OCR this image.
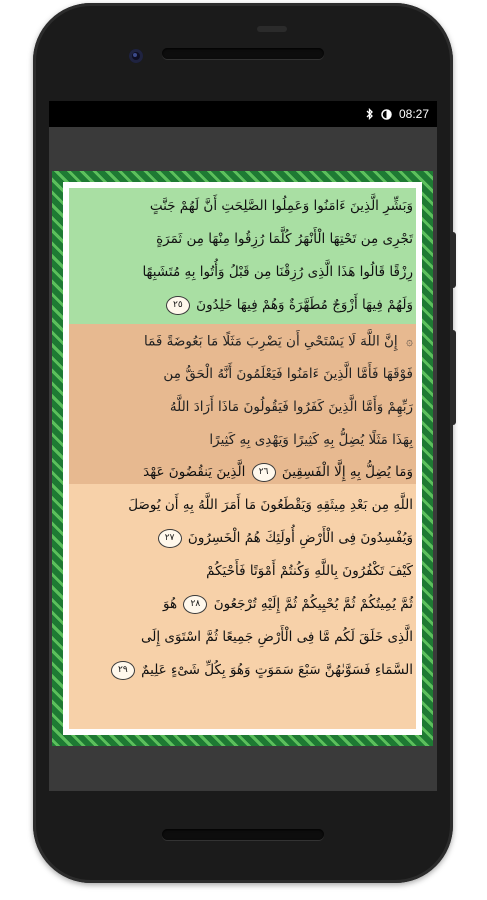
08:27
وَبَشِّرِ الَّذِينَ ءَامَنُوا وَعَمِلُوا الصَّلِحَتِ أَنَّ لَهُمْ جَنَّتٍ
تَجْرِى مِن تَحْتِهَا الْأَنْهَرُ كُلَّمَا رُزِقُوا مِنْهَا مِن ثَمَرَةٍ
رِزْقًا قَالُوا هَذَا الَّذِى رُزِقْنَا مِن قَبْلُ وَأُتُوا بِهِ مُتَشَبِهًا
وَلَهُمْ فِيهَا أَزْوَجٌ مُطَهَّرَةٌ وَهُمْ فِيهَا خَلِدُونَ ٢٥
۞ إِنَّ اللَّهَ لَا يَسْتَحْىِ أَن يَضْرِبَ مَثَلًا مَا بَعُوضَةً فَمَا
فَوْقَهَا فَأَمَّا الَّذِينَ ءَامَنُوا فَيَعْلَمُونَ أَنَّهُ الْحَقُّ مِن
رَبِّهِمْ وَأَمَّا الَّذِينَ كَفَرُوا فَيَقُولُونَ مَاذَا أَرَادَ اللَّهُ
بِهَذَا مَثَلًا يُضِلُّ بِهِ كَثِيرًا وَيَهْدِى بِهِ كَثِيرًا
وَمَا يُضِلُّ بِهِ إِلَّا الْفَسِقِينَ ٢٦ الَّذِينَ يَنقُضُونَ عَهْدَ
اللَّهِ مِن بَعْدِ مِيثَقِهِ وَيَقْطَعُونَ مَا أَمَرَ اللَّهُ بِهِ أَن يُوصَلَ
وَيُفْسِدُونَ فِى الْأَرْضِ أُولَئِكَ هُمُ الْخَسِرُونَ ٢٧
كَيْفَ تَكْفُرُونَ بِاللَّهِ وَكُنتُمْ أَمْوَتًا فَأَحْيَكُمْ
ثُمَّ يُمِيتُكُمْ ثُمَّ يُحْيِيكُمْ ثُمَّ إِلَيْهِ تُرْجَعُونَ ٢٨ هُوَ
الَّذِى خَلَقَ لَكُم مَّا فِى الْأَرْضِ جَمِيعًا ثُمَّ اسْتَوَى إِلَى
السَّمَاءِ فَسَوَّىٰهُنَّ سَبْعَ سَمَوَتٍ وَهُوَ بِكُلِّ شَىْءٍ عَلِيمٌ ٢٩
